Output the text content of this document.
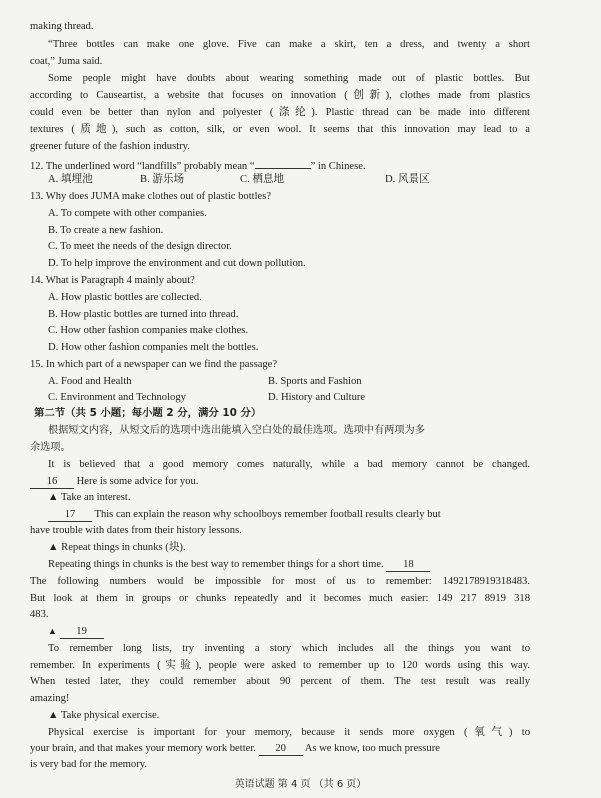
making thread.
“Three bottles can make one glove. Five can make a skirt, ten a dress, and twenty a short
coat,” Juma said.
Some people might have doubts about wearing something made out of plastic bottles. But
according to Causeartist, a website that focuses on innovation (创新), clothes made from plastics
could even be better than nylon and polyester (涤纶). Plastic thread can be made into different
textures (质地), such as cotton, silk, or even wool. It seems that this innovation may lead to a
greener future of the fashion industry.
12. The underlined word “landfills” probably mean “	” in Chinese.
A. 填埋池	B. 游乐场	C. 栖息地	D. 风景区
13. Why does JUMA make clothes out of plastic bottles?
A. To compete with other companies.
B. To create a new fashion.
C. To meet the needs of the design director.
D. To help improve the environment and cut down pollution.
14. What is Paragraph 4 mainly about?
A. How plastic bottles are collected.
B. How plastic bottles are turned into thread.
C. How other fashion companies make clothes.
D. How other fashion companies melt the bottles.
15. In which part of a newspaper can we find the passage?
A. Food and Health	B. Sports and Fashion
C. Environment and Technology	D. History and Culture
第二节（共 5 小题；每小题 2 分，满分 10 分）
根据短文内容，从短文后的选项中选出能填入空白处的最佳选项。选项中有两项为多
余选项。
It is believed that a good memory comes naturally, while a bad memory cannot be changed.
16 Here is some advice for you.
▲ Take an interest.
17 This can explain the reason why schoolboys remember football results clearly but
have trouble with dates from their history lessons.
▲ Repeat things in chunks (块).
Repeating things in chunks is the best way to remember things for a short time. 18
The following numbers would be impossible for most of us to remember: 1492178919318483.
But look at them in groups or chunks repeatedly and it becomes much easier: 149 217 8919 318
483.
▲ 19
To remember long lists, try inventing a story which includes all the things you want to
remember. In experiments (实验), people were asked to remember up to 120 words using this way.
When tested later, they could remember about 90 percent of them. The test result was really
amazing!
▲ Take physical exercise.
Physical exercise is important for your memory, because it sends more oxygen (氧气) to
your brain, and that makes your memory work better. 20 As we know, too much pressure
is very bad for the memory.
英语试题 第 4 页 （共 6 页）
